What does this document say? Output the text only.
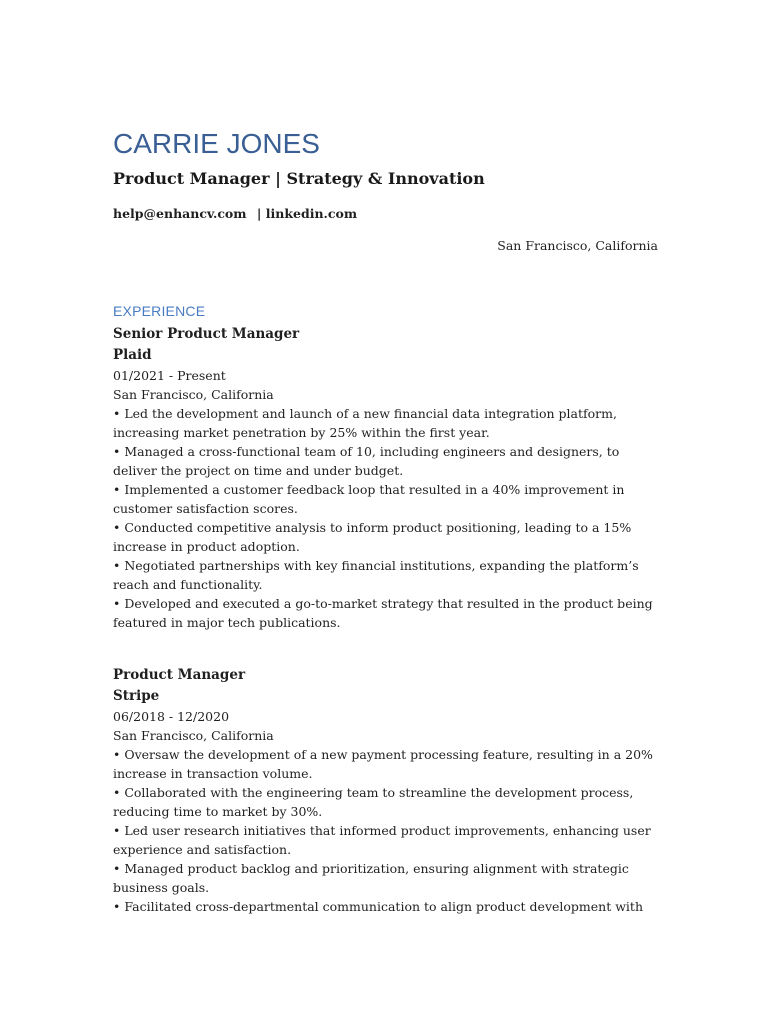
CARRIE JONES
Product Manager | Strategy & Innovation
help@enhancv.com | linkedin.com
San Francisco, California
EXPERIENCE
Senior Product Manager
Plaid
01/2021 - Present
San Francisco, California
• Led the development and launch of a new financial data integration platform, increasing market penetration by 25% within the first year.
• Managed a cross-functional team of 10, including engineers and designers, to deliver the project on time and under budget.
• Implemented a customer feedback loop that resulted in a 40% improvement in customer satisfaction scores.
• Conducted competitive analysis to inform product positioning, leading to a 15% increase in product adoption.
• Negotiated partnerships with key financial institutions, expanding the platform’s reach and functionality.
• Developed and executed a go-to-market strategy that resulted in the product being featured in major tech publications.
Product Manager
Stripe
06/2018 - 12/2020
San Francisco, California
• Oversaw the development of a new payment processing feature, resulting in a 20% increase in transaction volume.
• Collaborated with the engineering team to streamline the development process, reducing time to market by 30%.
• Led user research initiatives that informed product improvements, enhancing user experience and satisfaction.
• Managed product backlog and prioritization, ensuring alignment with strategic business goals.
• Facilitated cross-departmental communication to align product development with
